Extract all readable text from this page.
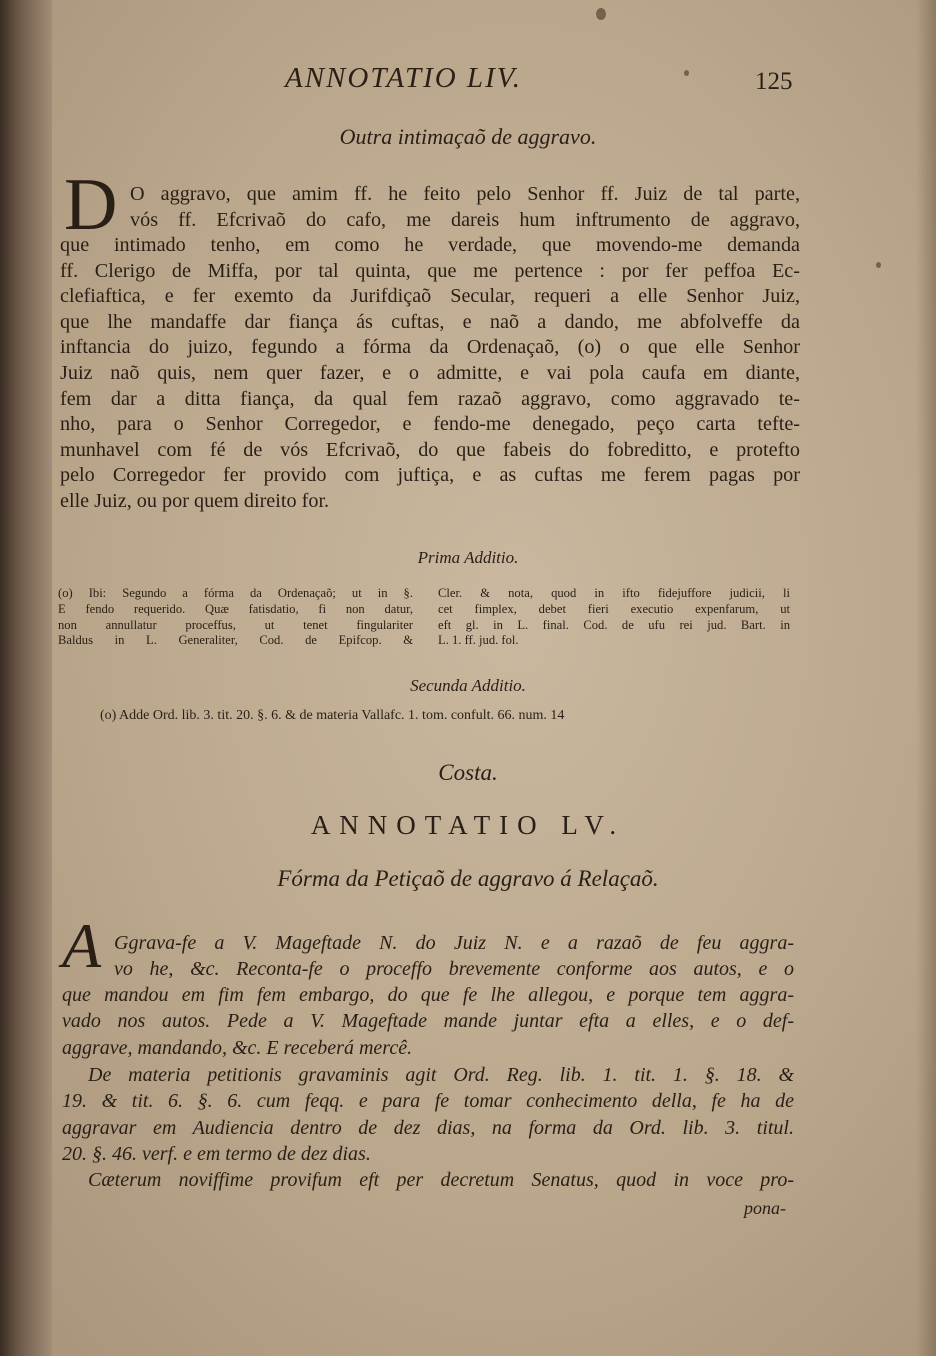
ANNOTATIO LIV.	125
Outra intimaçaõ de aggravo.
D O aggravo, que amim ff. he feito pelo Senhor ff. Juiz de tal parte,
vós ff. Efcrivaõ do cafo, me dareis hum inftrumento de aggravo,
que intimado tenho, em como he verdade, que movendo-me demanda
ff. Clerigo de Miffa, por tal quinta, que me pertence : por fer peffoa Ec-
clefiaftica, e fer exemto da Jurifdiçaõ Secular, requeri a elle Senhor Juiz,
que lhe mandaffe dar fiança ás cuftas, e naõ a dando, me abfolveffe da
inftancia do juizo, fegundo a fórma da Ordenaçaõ, (o) o que elle Senhor
Juiz naõ quis, nem quer fazer, e o admitte, e vai pola caufa em diante,
fem dar a ditta fiança, da qual fem razaõ aggravo, como aggravado te-
nho, para o Senhor Corregedor, e fendo-me denegado, peço carta tefte-
munhavel com fé de vós Efcrivaõ, do que fabeis do fobreditto, e protefto
pelo Corregedor fer provido com juftiça, e as cuftas me ferem pagas por
elle Juiz, ou por quem direito for.
Prima Additio.
(o) Ibi: Segundo a fórma da Ordenaçaõ; ut in §.
E fendo requerido. Quæ fatisdatio, fi non datur,
non annullatur proceffus, ut tenet fingulariter
Baldus in L. Generaliter, Cod. de Epifcop. &
Cler. & nota, quod in ifto fidejuffore judicii, li
cet fimplex, debet fieri executio expenfarum, ut
eft gl. in L. final. Cod. de ufu rei jud. Bart. in
L. 1. ff. jud. fol.
Secunda Additio.
(o) Adde Ord. lib. 3. tit. 20. §. 6. & de materia Vallafc. 1. tom. confult. 66. num. 14
Costa.
ANNOTATIO LV.
Fórma da Petiçaõ de aggravo á Relaçaõ.
A Ggrava-fe a V. Mageftade N. do Juiz N. e a razaõ de feu aggra-
vo he, &c. Reconta-fe o proceffo brevemente conforme aos autos, e o
que mandou em fim fem embargo, do que fe lhe allegou, e porque tem aggra-
vado nos autos. Pede a V. Mageftade mande juntar efta a elles, e o def-
aggrave, mandando, &c. E receberá mercê.
De materia petitionis gravaminis agit Ord. Reg. lib. 1. tit. 1. §. 18. &
19. & tit. 6. §. 6. cum feqq. e para fe tomar conhecimento della, fe ha de
aggravar em Audiencia dentro de dez dias, na forma da Ord. lib. 3. titul.
20. §. 46. verf. e em termo de dez dias.
Cæterum noviffime provifum eft per decretum Senatus, quod in voce pro-
pona-
